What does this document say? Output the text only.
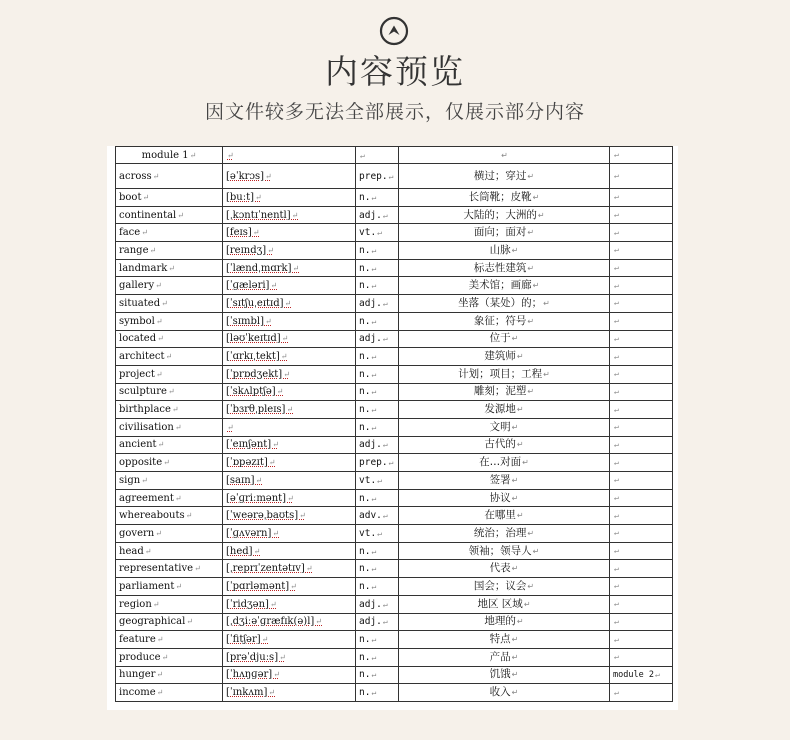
内容预览
因文件较多无法全部展示，仅展示部分内容
module 1↵	↵	↵	↵	↵
across↵	[əˈkrɔs]↵	prep.↵	横过；穿过↵	↵
boot↵	[buːt]↵	n.↵	长筒靴；皮靴↵	↵
continental↵	[ˌkɔntɪˈnentl]↵	adj.↵	大陆的；大洲的↵	↵
face↵	[feɪs]↵	vt.↵	面向；面对↵	↵
range↵	[reɪndʒ]↵	n.↵	山脉↵	↵
landmark↵	[ˈlændˌmɑrk]↵	n.↵	标志性建筑↵	↵
gallery↵	[ˈɡæləri]↵	n.↵	美术馆；画廊↵	↵
situated↵	[ˈsɪtʃuˌeɪtɪd]↵	adj.↵	坐落（某处）的；↵	↵
symbol↵	[ˈsɪmbl]↵	n.↵	象征；符号↵	↵
located↵	[ləʊˈkeɪtɪd]↵	adj.↵	位于↵	↵
architect↵	[ˈɑrkɪˌtekt]↵	n.↵	建筑师↵	↵
project↵	[ˈprɒdʒekt]↵	n.↵	计划；项目；工程↵	↵
sculpture↵	[ˈskʌlptʃə]↵	n.↵	雕刻；泥塑↵	↵
birthplace↵	[ˈbɜrθˌpleɪs]↵	n.↵	发源地↵	↵
civilisation↵	↵	n.↵	文明↵	↵
ancient↵	[ˈeɪnʃənt]↵	adj.↵	古代的↵	↵
opposite↵	[ˈɒpəzɪt]↵	prep.↵	在…对面↵	↵
sign↵	[saɪn]↵	vt.↵	签署↵	↵
agreement↵	[əˈɡriːmənt]↵	n.↵	协议↵	↵
whereabouts↵	[ˈweərəˌbaʊts]↵	adv.↵	在哪里↵	↵
govern↵	[ˈɡʌvərn]↵	vt.↵	统治；治理↵	↵
head↵	[hed]↵	n.↵	领袖；领导人↵	↵
representative↵	[ˌreprɪˈzentətɪv]↵	n.↵	代表↵	↵
parliament↵	[ˈpɑrləmənt]↵	n.↵	国会；议会↵	↵
region↵	[ˈridʒən]↵	adj.↵	地区 区域↵	↵
geographical↵	[ˌdʒiːəˈɡræfɪk(ə)l]↵	adj.↵	地理的↵	↵
feature↵	[ˈfitʃər]↵	n.↵	特点↵	↵
produce↵	[prəˈdjuːs]↵	n.↵	产品↵	↵
hunger↵	[ˈhʌŋɡər]↵	n.↵	饥饿↵	module 2↵
income↵	[ˈɪnkʌm]↵	n.↵	收入↵	↵
